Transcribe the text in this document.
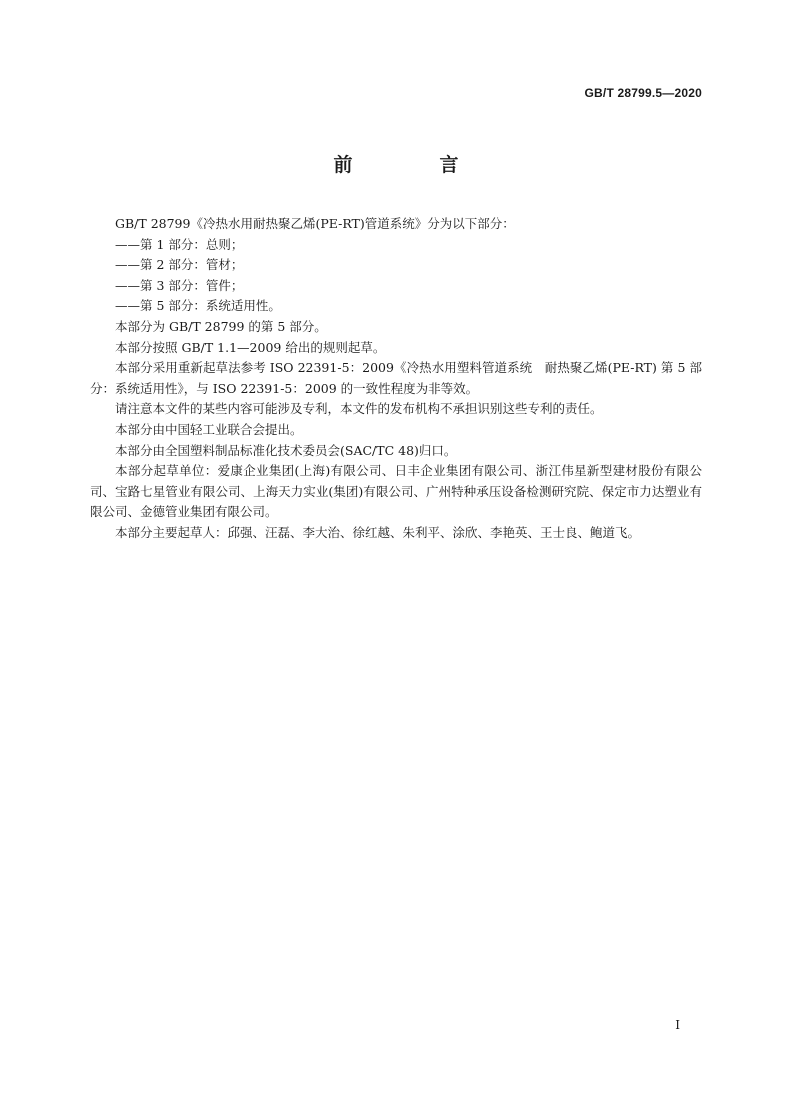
GB/T 28799.5—2020
前　言

GB/T 28799《冷热水用耐热聚乙烯(PE-RT)管道系统》分为以下部分：

——第 1 部分：总则；

——第 2 部分：管材；

——第 3 部分：管件；

——第 5 部分：系统适用性。

本部分为 GB/T 28799 的第 5 部分。

本部分按照 GB/T 1.1—2009 给出的规则起草。

本部分采用重新起草法参考 ISO 22391-5：2009《冷热水用塑料管道系统　耐热聚乙烯(PE-RT) 第 5 部分：系统适用性》，与 ISO 22391-5：2009 的一致性程度为非等效。

请注意本文件的某些内容可能涉及专利，本文件的发布机构不承担识别这些专利的责任。

本部分由中国轻工业联合会提出。

本部分由全国塑料制品标准化技术委员会(SAC/TC 48)归口。

本部分起草单位：爱康企业集团(上海)有限公司、日丰企业集团有限公司、浙江伟星新型建材股份有限公司、宝路七星管业有限公司、上海天力实业(集团)有限公司、广州特种承压设备检测研究院、保定市力达塑业有限公司、金德管业集团有限公司。

本部分主要起草人：邱强、汪磊、李大治、徐红越、朱利平、涂欣、李艳英、王士良、鲍道飞。

I
